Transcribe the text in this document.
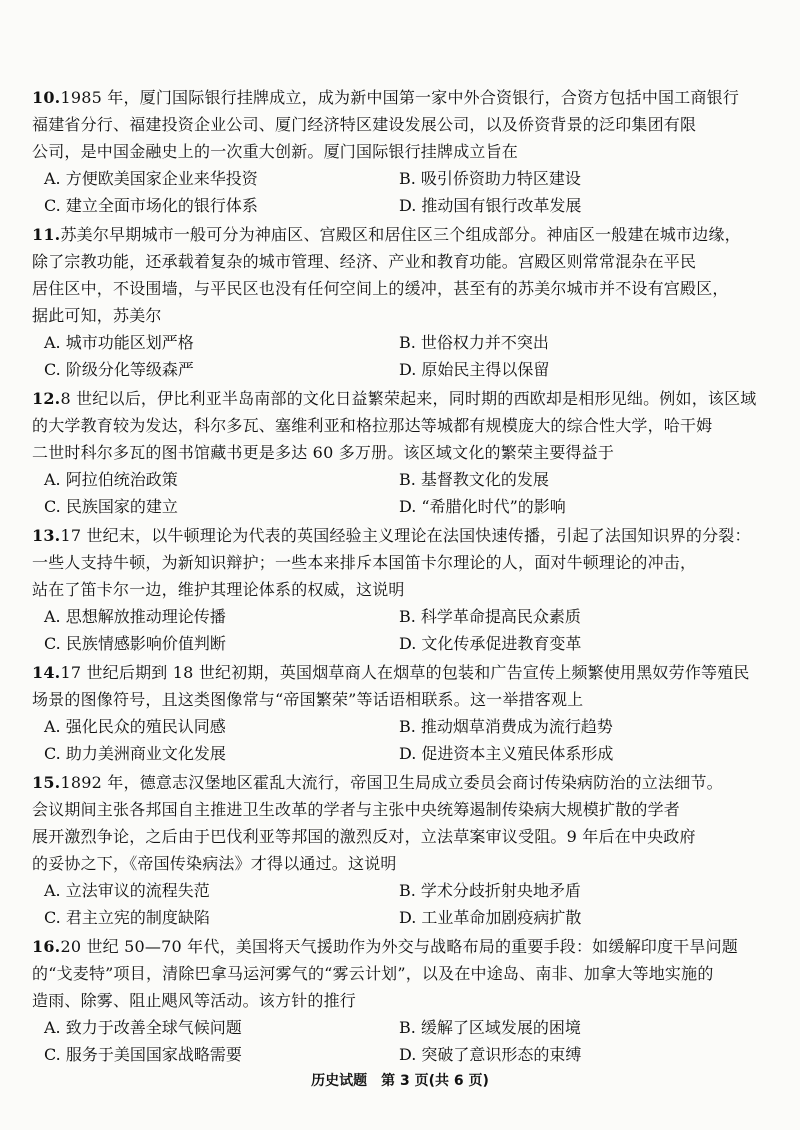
10.1985 年，厦门国际银行挂牌成立，成为新中国第一家中外合资银行，合资方包括中国工商银行
福建省分行、福建投资企业公司、厦门经济特区建设发展公司，以及侨资背景的泛印集团有限
公司，是中国金融史上的一次重大创新。厦门国际银行挂牌成立旨在
A. 方便欧美国家企业来华投资	B. 吸引侨资助力特区建设
C. 建立全面市场化的银行体系	D. 推动国有银行改革发展
11.苏美尔早期城市一般可分为神庙区、宫殿区和居住区三个组成部分。神庙区一般建在城市边缘，
除了宗教功能，还承载着复杂的城市管理、经济、产业和教育功能。宫殿区则常常混杂在平民
居住区中，不设围墙，与平民区也没有任何空间上的缓冲，甚至有的苏美尔城市并不设有宫殿区，
据此可知，苏美尔
A. 城市功能区划严格	B. 世俗权力并不突出
C. 阶级分化等级森严	D. 原始民主得以保留
12.8 世纪以后，伊比利亚半岛南部的文化日益繁荣起来，同时期的西欧却是相形见绌。例如，该区域
的大学教育较为发达，科尔多瓦、塞维利亚和格拉那达等城都有规模庞大的综合性大学，哈干姆
二世时科尔多瓦的图书馆藏书更是多达 60 多万册。该区域文化的繁荣主要得益于
A. 阿拉伯统治政策	B. 基督教文化的发展
C. 民族国家的建立	D. “希腊化时代”的影响
13.17 世纪末，以牛顿理论为代表的英国经验主义理论在法国快速传播，引起了法国知识界的分裂：
一些人支持牛顿，为新知识辩护；一些本来排斥本国笛卡尔理论的人，面对牛顿理论的冲击，
站在了笛卡尔一边，维护其理论体系的权威，这说明
A. 思想解放推动理论传播	B. 科学革命提高民众素质
C. 民族情感影响价值判断	D. 文化传承促进教育变革
14.17 世纪后期到 18 世纪初期，英国烟草商人在烟草的包装和广告宣传上频繁使用黑奴劳作等殖民
场景的图像符号，且这类图像常与“帝国繁荣”等话语相联系。这一举措客观上
A. 强化民众的殖民认同感	B. 推动烟草消费成为流行趋势
C. 助力美洲商业文化发展	D. 促进资本主义殖民体系形成
15.1892 年，德意志汉堡地区霍乱大流行，帝国卫生局成立委员会商讨传染病防治的立法细节。
会议期间主张各邦国自主推进卫生改革的学者与主张中央统筹遏制传染病大规模扩散的学者
展开激烈争论，之后由于巴伐利亚等邦国的激烈反对，立法草案审议受阻。9 年后在中央政府
的妥协之下，《帝国传染病法》才得以通过。这说明
A. 立法审议的流程失范	B. 学术分歧折射央地矛盾
C. 君主立宪的制度缺陷	D. 工业革命加剧疫病扩散
16.20 世纪 50—70 年代，美国将天气援助作为外交与战略布局的重要手段：如缓解印度干旱问题
的“戈麦特”项目，清除巴拿马运河雾气的“雾云计划”，以及在中途岛、南非、加拿大等地实施的
造雨、除雾、阻止飓风等活动。该方针的推行
A. 致力于改善全球气候问题	B. 缓解了区域发展的困境
C. 服务于美国国家战略需要	D. 突破了意识形态的束缚
历史试题　第 3 页(共 6 页)
